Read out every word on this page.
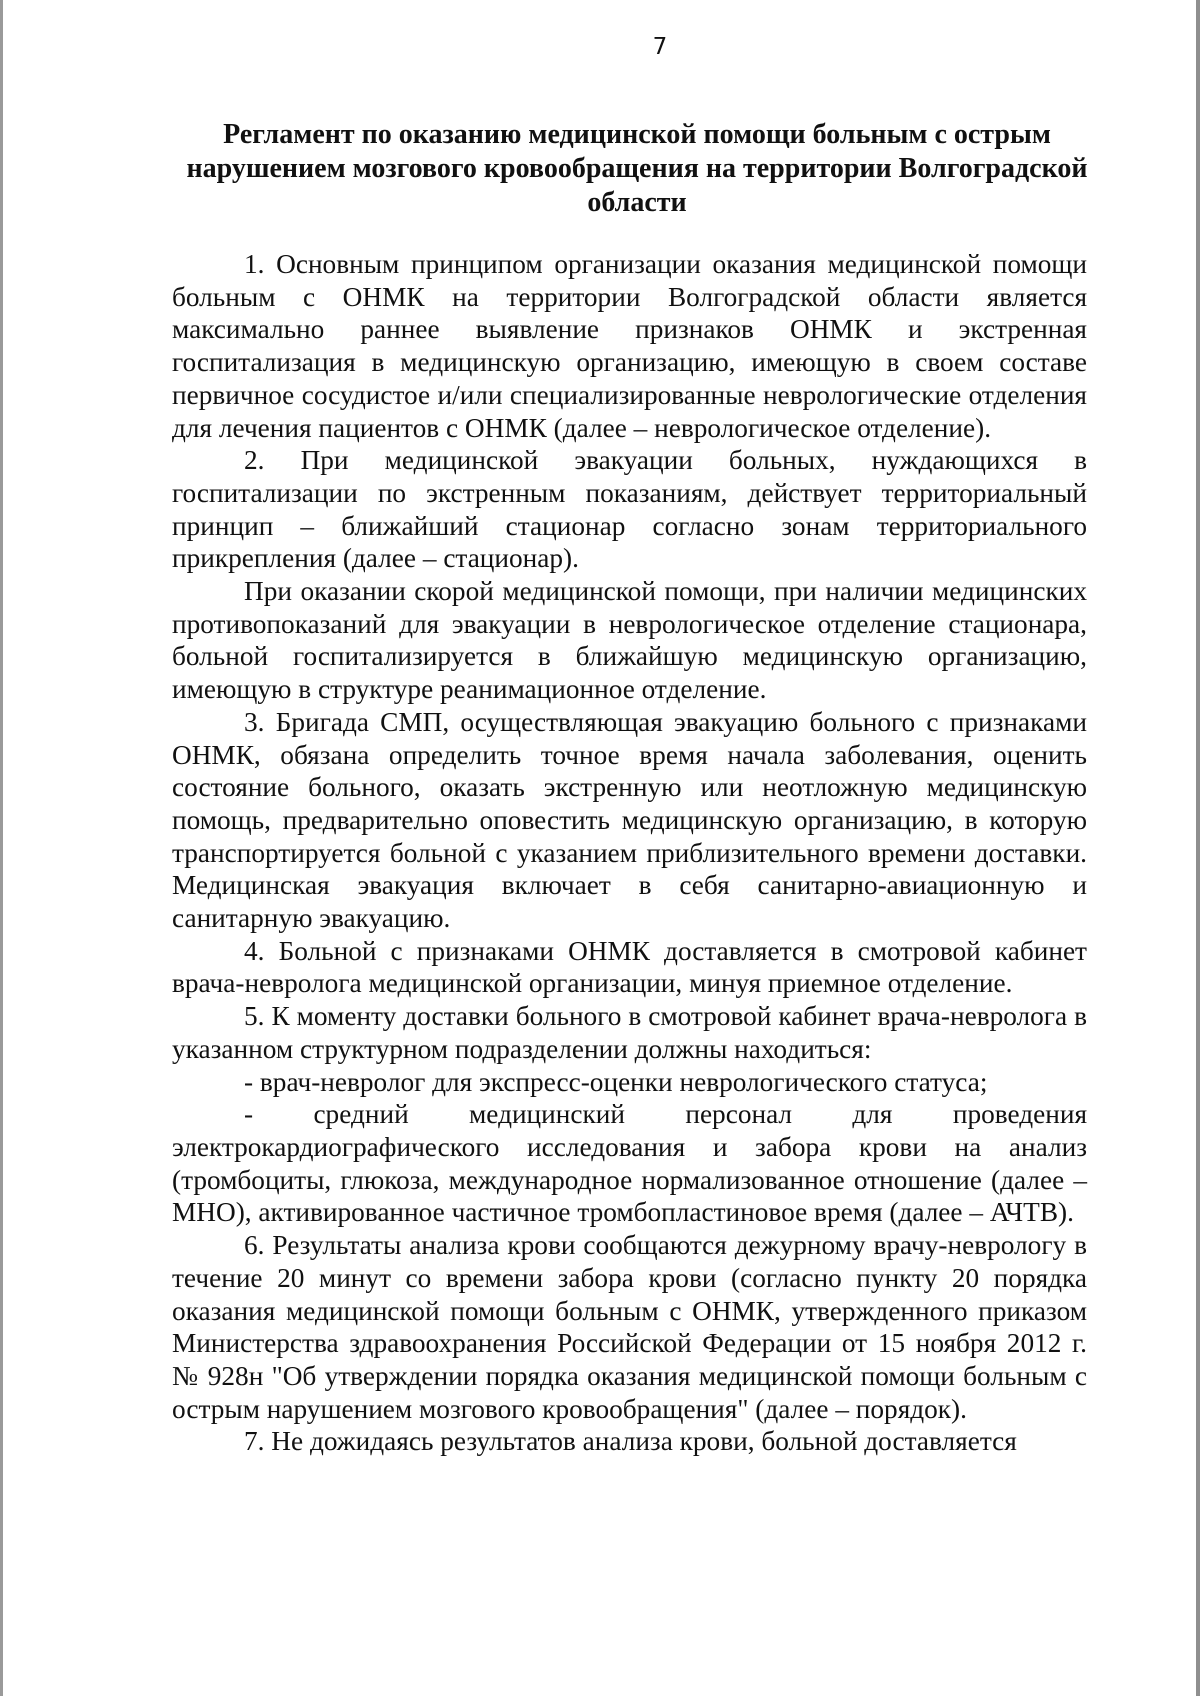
7
Регламент по оказанию медицинской помощи больным с острым нарушением мозгового кровообращения на территории Волгоградской области

1. Основным принципом организации оказания медицинской помощи больным с ОНМК на территории Волгоградской области является максимально раннее выявление признаков ОНМК и экстренная госпитализация в медицинскую организацию, имеющую в своем составе первичное сосудистое и/или специализированные неврологические отделения для лечения пациентов с ОНМК (далее – неврологическое отделение).

2. При медицинской эвакуации больных, нуждающихся в госпитализации по экстренным показаниям, действует территориальный принцип – ближайший стационар согласно зонам территориального прикрепления (далее – стационар).

При оказании скорой медицинской помощи, при наличии медицинских противопоказаний для эвакуации в неврологическое отделение стационара, больной госпитализируется в ближайшую медицинскую организацию, имеющую в структуре реанимационное отделение.

3. Бригада СМП, осуществляющая эвакуацию больного с признаками ОНМК, обязана определить точное время начала заболевания, оценить состояние больного, оказать экстренную или неотложную медицинскую помощь, предварительно оповестить медицинскую организацию, в которую транспортируется больной с указанием приблизительного времени доставки. Медицинская эвакуация включает в себя санитарно-авиационную и санитарную эвакуацию.

4. Больной с признаками ОНМК доставляется в смотровой кабинет врача-невролога медицинской организации, минуя приемное отделение.

5. К моменту доставки больного в смотровой кабинет врача-невролога в указанном структурном подразделении должны находиться:

- врач-невролог для экспресс-оценки неврологического статуса;

- средний медицинский персонал для проведения электрокардиографического исследования и забора крови на анализ (тромбоциты, глюкоза, международное нормализованное отношение (далее – МНО), активированное частичное тромбопластиновое время (далее – АЧТВ).

6. Результаты анализа крови сообщаются дежурному врачу-неврологу в течение 20 минут со времени забора крови (согласно пункту 20 порядка оказания медицинской помощи больным с ОНМК, утвержденного приказом Министерства здравоохранения Российской Федерации от 15 ноября 2012 г. № 928н "Об утверждении порядка оказания медицинской помощи больным с острым нарушением мозгового кровообращения" (далее – порядок).

7. Не дожидаясь результатов анализа крови, больной доставляется
